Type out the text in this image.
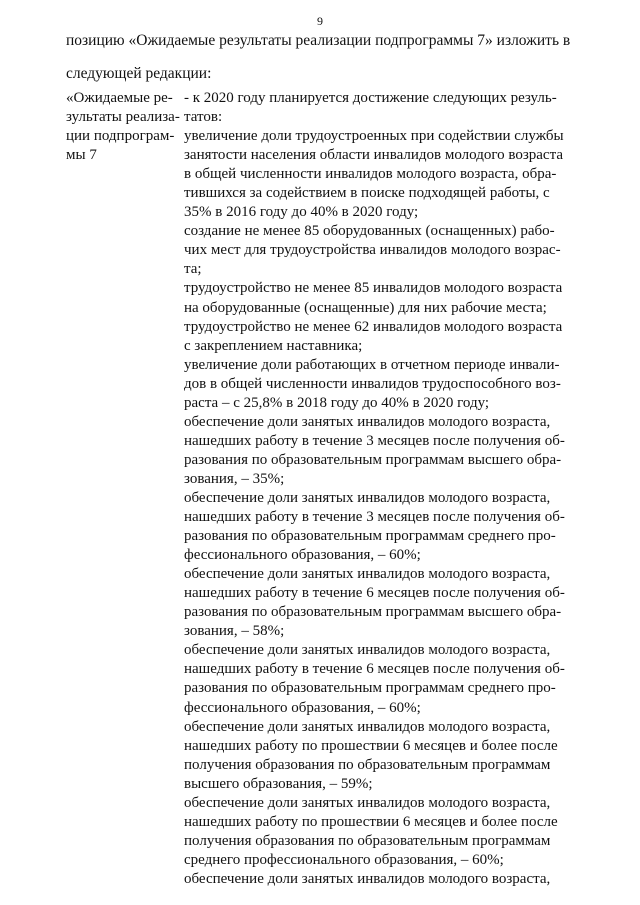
9
позицию «Ожидаемые результаты реализации подпрограммы 7» изложить в
следующей редакции:
«Ожидаемые ре-
зультаты реализа-
ции подпрограм-
мы 7
- к 2020 году планируется достижение следующих резуль-
татов:
увеличение доли трудоустроенных при содействии службы
занятости населения области инвалидов молодого возраста
в общей численности инвалидов молодого возраста, обра-
тившихся за содействием в поиске подходящей работы, с
35% в 2016 году до 40% в 2020 году;
создание не менее 85 оборудованных (оснащенных) рабо-
чих мест для трудоустройства инвалидов молодого возрас-
та;
трудоустройство не менее 85 инвалидов молодого возраста
на оборудованные (оснащенные) для них рабочие места;
трудоустройство не менее 62 инвалидов молодого возраста
с закреплением наставника;
увеличение доли работающих в отчетном периоде инвали-
дов в общей численности инвалидов трудоспособного воз-
раста – с 25,8% в 2018 году до 40% в 2020 году;
обеспечение доли занятых инвалидов молодого возраста,
нашедших работу в течение 3 месяцев после получения об-
разования по образовательным программам высшего обра-
зования, – 35%;
обеспечение доли занятых инвалидов молодого возраста,
нашедших работу в течение 3 месяцев после получения об-
разования по образовательным программам среднего про-
фессионального образования, – 60%;
обеспечение доли занятых инвалидов молодого возраста,
нашедших работу в течение 6 месяцев после получения об-
разования по образовательным программам высшего обра-
зования, – 58%;
обеспечение доли занятых инвалидов молодого возраста,
нашедших работу в течение 6 месяцев после получения об-
разования по образовательным программам среднего про-
фессионального образования, – 60%;
обеспечение доли занятых инвалидов молодого возраста,
нашедших работу по прошествии 6 месяцев и более после
получения образования по образовательным программам
высшего образования, – 59%;
обеспечение доли занятых инвалидов молодого возраста,
нашедших работу по прошествии 6 месяцев и более после
получения образования по образовательным программам
среднего профессионального образования, – 60%;
обеспечение доли занятых инвалидов молодого возраста,
